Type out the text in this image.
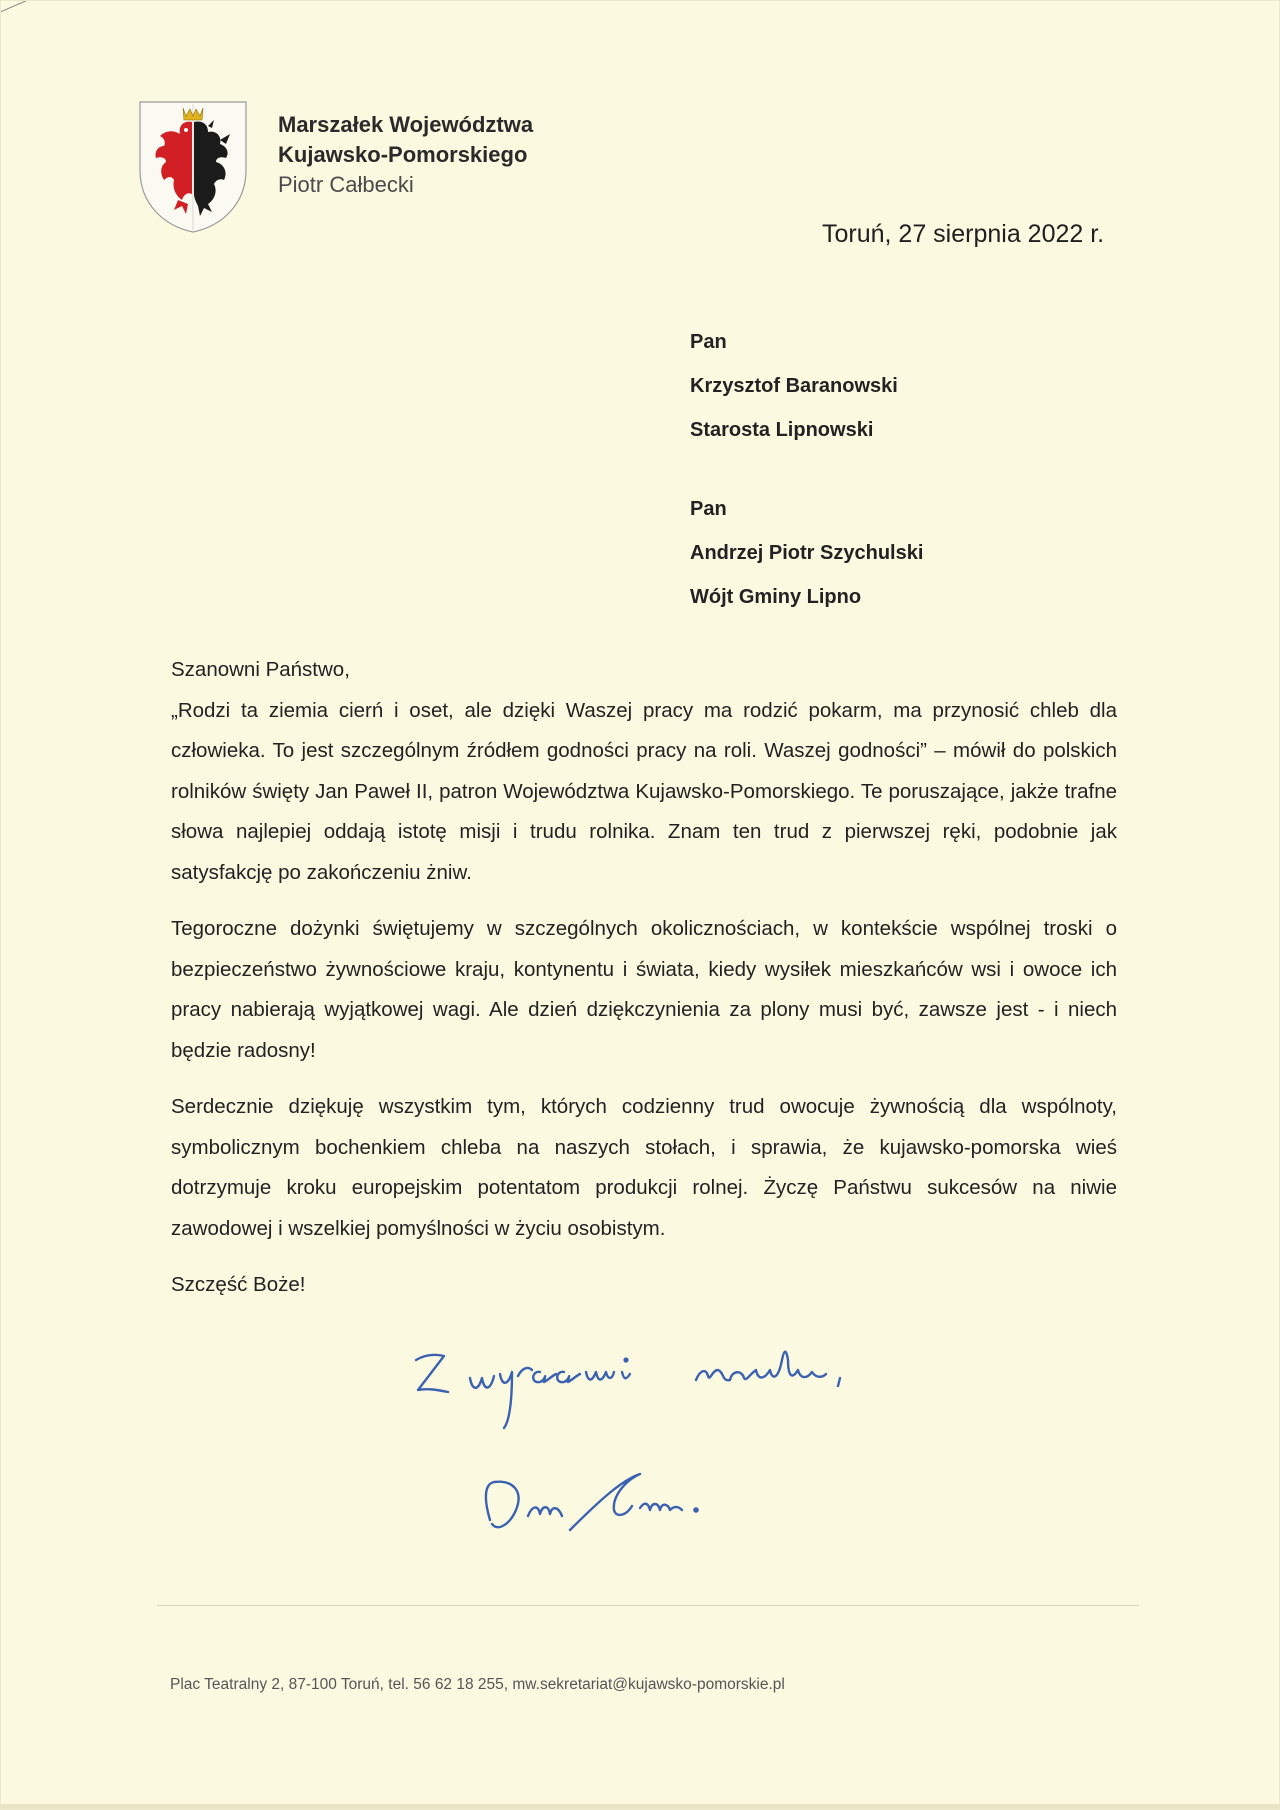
Marszałek Województwa
Kujawsko-Pomorskiego
Piotr Całbecki
Toruń, 27 sierpnia 2022 r.
Pan
Krzysztof Baranowski
Starosta Lipnowski
Pan
Andrzej Piotr Szychulski
Wójt Gminy Lipno

Szanowni Państwo,

„Rodzi ta ziemia cierń i oset, ale dzięki Waszej pracy ma rodzić pokarm, ma przynosić chleb dla człowieka. To jest szczególnym źródłem godności pracy na roli. Waszej godności” – mówił do polskich rolników święty Jan Paweł II, patron Województwa Kujawsko-Pomorskiego. Te poruszające, jakże trafne słowa najlepiej oddają istotę misji i trudu rolnika. Znam ten trud z pierwszej ręki, podobnie jak satysfakcję po zakończeniu żniw.

Tegoroczne dożynki świętujemy w szczególnych okolicznościach, w kontekście wspólnej troski o bezpieczeństwo żywnościowe kraju, kontynentu i świata, kiedy wysiłek mieszkańców wsi i owoce ich pracy nabierają wyjątkowej wagi. Ale dzień dziękczynienia za plony musi być, zawsze jest - i niech będzie radosny!

Serdecznie dziękuję wszystkim tym, których codzienny trud owocuje żywnością dla wspólnoty, symbolicznym bochenkiem chleba na naszych stołach, i sprawia, że kujawsko-pomorska wieś dotrzymuje kroku europejskim potentatom produkcji rolnej. Życzę Państwu sukcesów na niwie zawodowej i wszelkiej pomyślności w życiu osobistym.

Szczęść Boże!

Plac Teatralny 2, 87-100 Toruń, tel. 56 62 18 255, mw.sekretariat@kujawsko-pomorskie.pl
